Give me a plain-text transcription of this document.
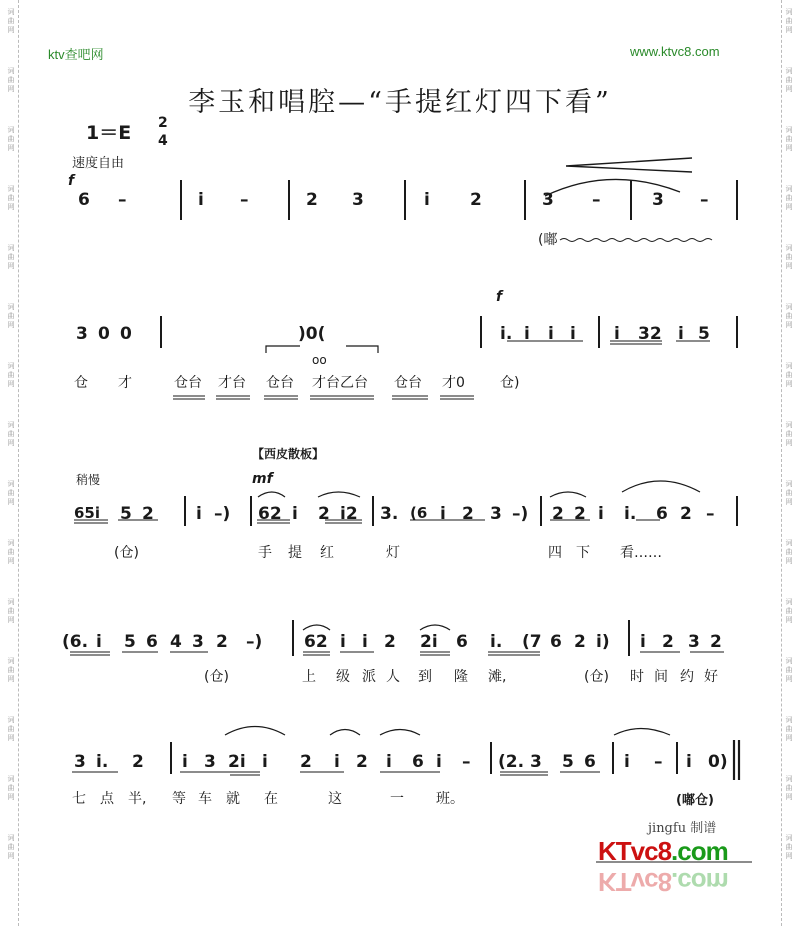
词
曲
网
词
曲
网
词
曲
网
词
曲
网
词
曲
网
词
曲
网
词
曲
网
词
曲
网
词
曲
网
词
曲
网
词
曲
网
词
曲
网
词
曲
网
词
曲
网
词
曲
网
词
曲
网
词
曲
网
词
曲
网
词
曲
网
词
曲
网
词
曲
网
词
曲
网
词
曲
网
词
曲
网
词
曲
网
词
曲
网
词
曲
网
词
曲
网
词
曲
网
词
曲
网
ktv查吧网	www.ktvc8.com
李玉和唱腔—“手提红灯四下看”
1＝E 2
4
速度自由
f
6 –	i –	2 3	i 2	3 –	3 –
(嘟
3 0 0	)0(
oo
f
i. i i i i 32 i 5
仓 才	仓台 才台 仓台 才台乙台 仓台 才0	仓)
稍慢
【西皮散板】
mf
65i 5 2 i –) 62 i 2 i2 3. (6 i 2 3 –) 2 2 i i. 6 2 –
(仓)	手 提 红	灯	四 下 看……
(6. i 5 6 4 3 2 –) 62 i i 2 2i 6 i. (7 6 2 i) i 2 3 2
(仓)	上 级 派 人 到 隆 滩,	(仓) 时 间 约 好
3 i. 2 i 3 2i i 2 i 2 i 6 i – (2. 3 5 6 i – i 0)
七 点 半, 等 车 就 在	这	一 班。	(嘟仓)
jingfu 制谱
KTvc8.com
KTvc8.com
